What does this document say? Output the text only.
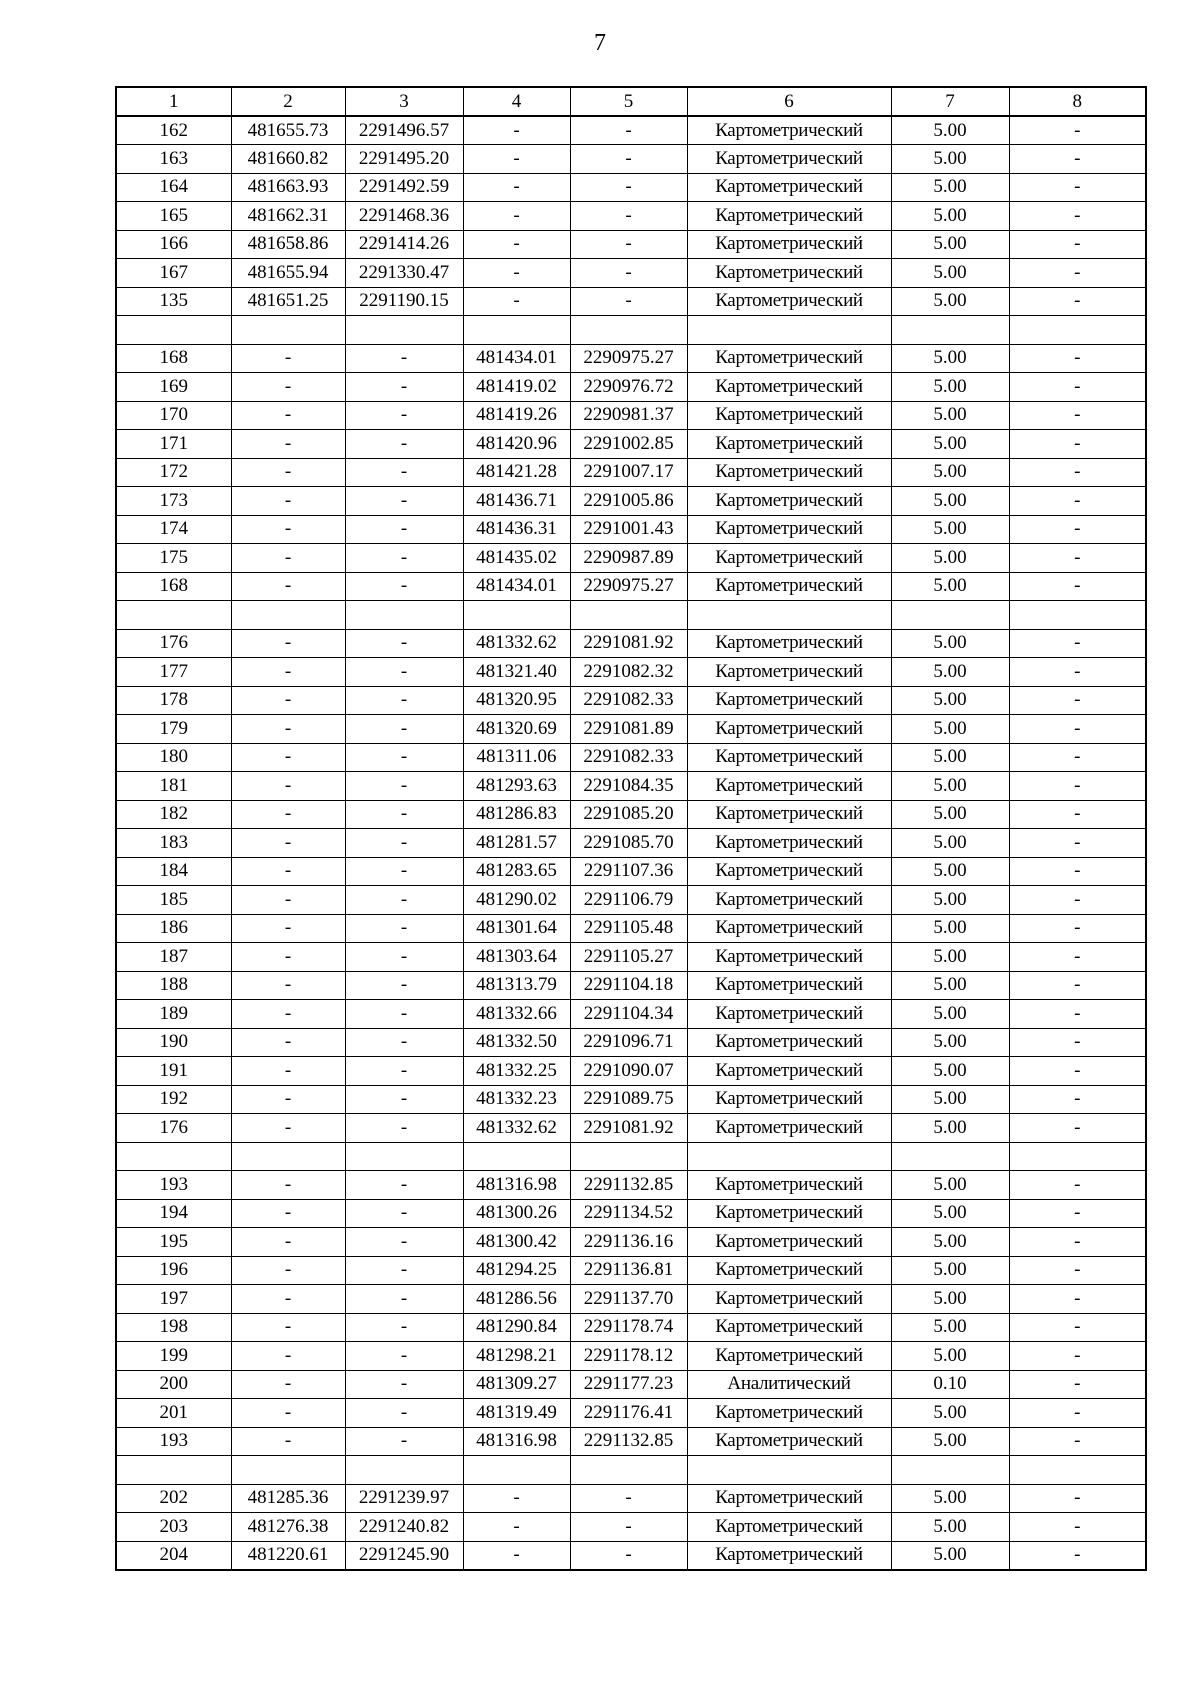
7
1	2	3	4	5	6	7	8
162	481655.73	2291496.57	-	-	Картометрический	5.00	-
163	481660.82	2291495.20	-	-	Картометрический	5.00	-
164	481663.93	2291492.59	-	-	Картометрический	5.00	-
165	481662.31	2291468.36	-	-	Картометрический	5.00	-
166	481658.86	2291414.26	-	-	Картометрический	5.00	-
167	481655.94	2291330.47	-	-	Картометрический	5.00	-
135	481651.25	2291190.15	-	-	Картометрический	5.00	-

168	-	-	481434.01	2290975.27	Картометрический	5.00	-
169	-	-	481419.02	2290976.72	Картометрический	5.00	-
170	-	-	481419.26	2290981.37	Картометрический	5.00	-
171	-	-	481420.96	2291002.85	Картометрический	5.00	-
172	-	-	481421.28	2291007.17	Картометрический	5.00	-
173	-	-	481436.71	2291005.86	Картометрический	5.00	-
174	-	-	481436.31	2291001.43	Картометрический	5.00	-
175	-	-	481435.02	2290987.89	Картометрический	5.00	-
168	-	-	481434.01	2290975.27	Картометрический	5.00	-

176	-	-	481332.62	2291081.92	Картометрический	5.00	-
177	-	-	481321.40	2291082.32	Картометрический	5.00	-
178	-	-	481320.95	2291082.33	Картометрический	5.00	-
179	-	-	481320.69	2291081.89	Картометрический	5.00	-
180	-	-	481311.06	2291082.33	Картометрический	5.00	-
181	-	-	481293.63	2291084.35	Картометрический	5.00	-
182	-	-	481286.83	2291085.20	Картометрический	5.00	-
183	-	-	481281.57	2291085.70	Картометрический	5.00	-
184	-	-	481283.65	2291107.36	Картометрический	5.00	-
185	-	-	481290.02	2291106.79	Картометрический	5.00	-
186	-	-	481301.64	2291105.48	Картометрический	5.00	-
187	-	-	481303.64	2291105.27	Картометрический	5.00	-
188	-	-	481313.79	2291104.18	Картометрический	5.00	-
189	-	-	481332.66	2291104.34	Картометрический	5.00	-
190	-	-	481332.50	2291096.71	Картометрический	5.00	-
191	-	-	481332.25	2291090.07	Картометрический	5.00	-
192	-	-	481332.23	2291089.75	Картометрический	5.00	-
176	-	-	481332.62	2291081.92	Картометрический	5.00	-

193	-	-	481316.98	2291132.85	Картометрический	5.00	-
194	-	-	481300.26	2291134.52	Картометрический	5.00	-
195	-	-	481300.42	2291136.16	Картометрический	5.00	-
196	-	-	481294.25	2291136.81	Картометрический	5.00	-
197	-	-	481286.56	2291137.70	Картометрический	5.00	-
198	-	-	481290.84	2291178.74	Картометрический	5.00	-
199	-	-	481298.21	2291178.12	Картометрический	5.00	-
200	-	-	481309.27	2291177.23	Аналитический	0.10	-
201	-	-	481319.49	2291176.41	Картометрический	5.00	-
193	-	-	481316.98	2291132.85	Картометрический	5.00	-

202	481285.36	2291239.97	-	-	Картометрический	5.00	-
203	481276.38	2291240.82	-	-	Картометрический	5.00	-
204	481220.61	2291245.90	-	-	Картометрический	5.00	-
